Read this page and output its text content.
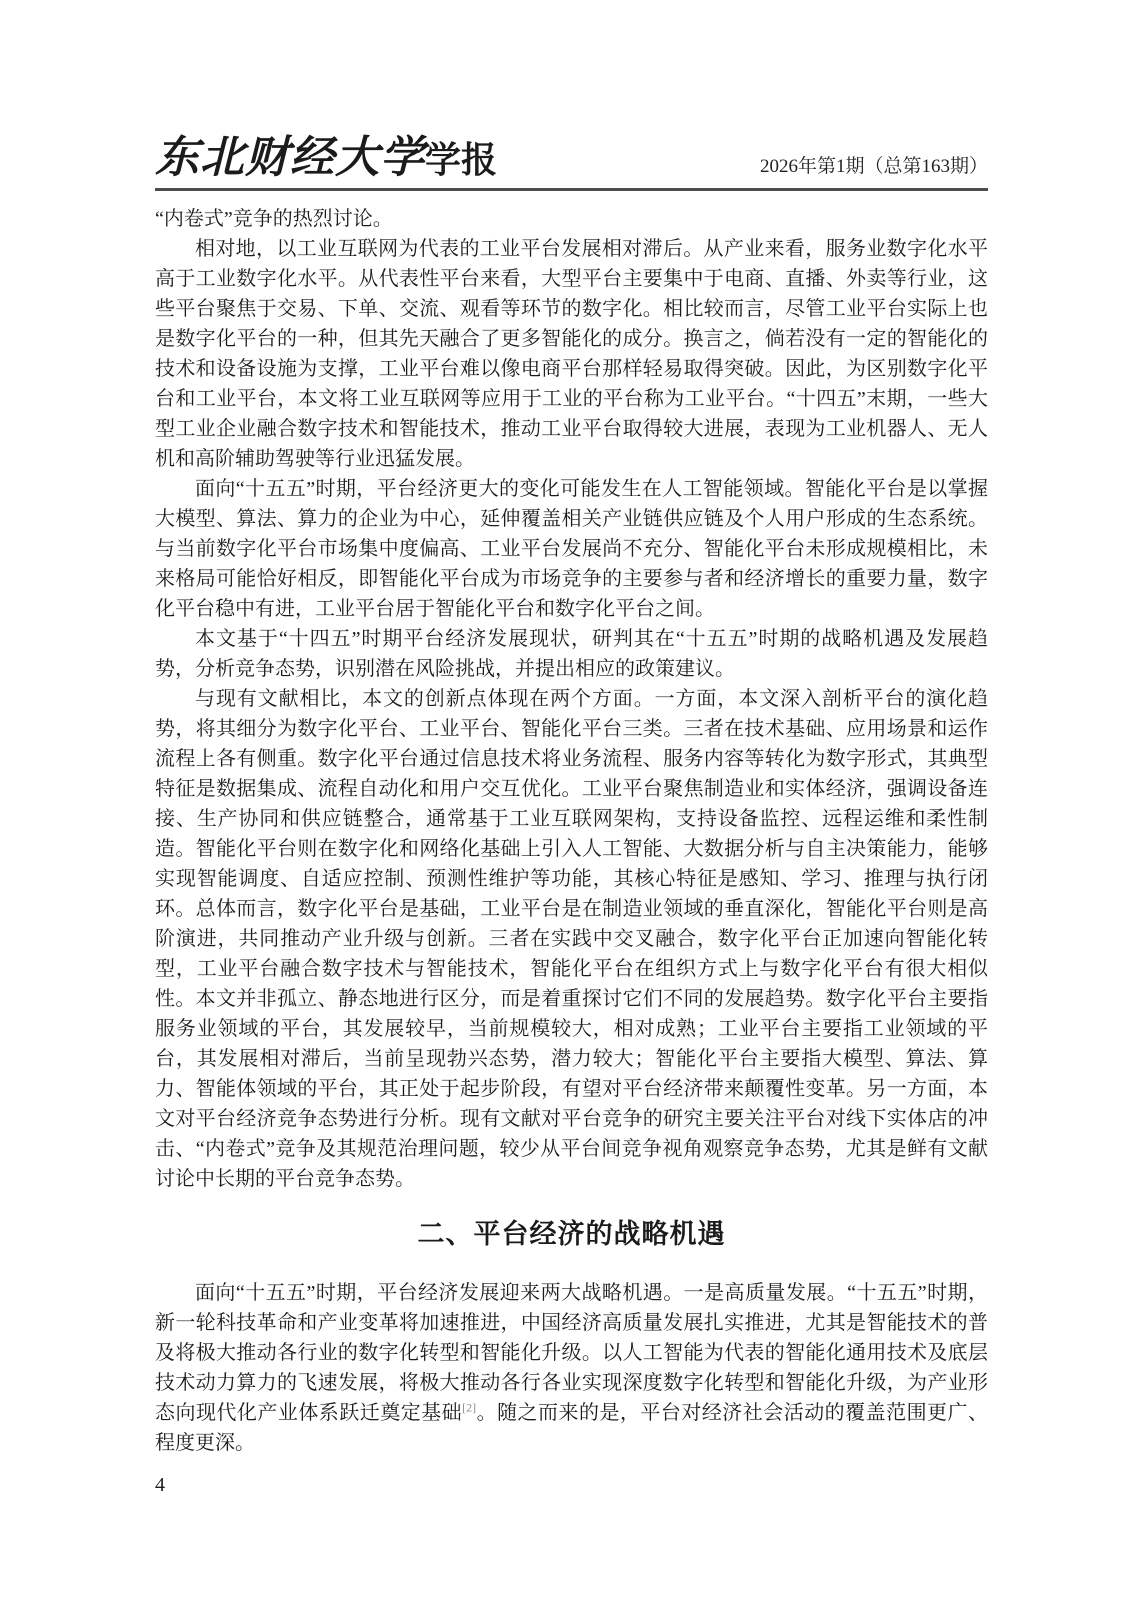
东北财经大学学报	2026年第1期（总第163期）

“内卷式”竞争的热烈讨论。

相对地，以工业互联网为代表的工业平台发展相对滞后。从产业来看，服务业数字化水平高于工业数字化水平。从代表性平台来看，大型平台主要集中于电商、直播、外卖等行业，这些平台聚焦于交易、下单、交流、观看等环节的数字化。相比较而言，尽管工业平台实际上也是数字化平台的一种，但其先天融合了更多智能化的成分。换言之，倘若没有一定的智能化的技术和设备设施为支撑，工业平台难以像电商平台那样轻易取得突破。因此，为区别数字化平台和工业平台，本文将工业互联网等应用于工业的平台称为工业平台。“十四五”末期，一些大型工业企业融合数字技术和智能技术，推动工业平台取得较大进展，表现为工业机器人、无人机和高阶辅助驾驶等行业迅猛发展。

面向“十五五”时期，平台经济更大的变化可能发生在人工智能领域。智能化平台是以掌握大模型、算法、算力的企业为中心，延伸覆盖相关产业链供应链及个人用户形成的生态系统。与当前数字化平台市场集中度偏高、工业平台发展尚不充分、智能化平台未形成规模相比，未来格局可能恰好相反，即智能化平台成为市场竞争的主要参与者和经济增长的重要力量，数字化平台稳中有进，工业平台居于智能化平台和数字化平台之间。

本文基于“十四五”时期平台经济发展现状，研判其在“十五五”时期的战略机遇及发展趋势，分析竞争态势，识别潜在风险挑战，并提出相应的政策建议。

与现有文献相比，本文的创新点体现在两个方面。一方面，本文深入剖析平台的演化趋势，将其细分为数字化平台、工业平台、智能化平台三类。三者在技术基础、应用场景和运作流程上各有侧重。数字化平台通过信息技术将业务流程、服务内容等转化为数字形式，其典型特征是数据集成、流程自动化和用户交互优化。工业平台聚焦制造业和实体经济，强调设备连接、生产协同和供应链整合，通常基于工业互联网架构，支持设备监控、远程运维和柔性制造。智能化平台则在数字化和网络化基础上引入人工智能、大数据分析与自主决策能力，能够实现智能调度、自适应控制、预测性维护等功能，其核心特征是感知、学习、推理与执行闭环。总体而言，数字化平台是基础，工业平台是在制造业领域的垂直深化，智能化平台则是高阶演进，共同推动产业升级与创新。三者在实践中交叉融合，数字化平台正加速向智能化转型，工业平台融合数字技术与智能技术，智能化平台在组织方式上与数字化平台有很大相似性。本文并非孤立、静态地进行区分，而是着重探讨它们不同的发展趋势。数字化平台主要指服务业领域的平台，其发展较早，当前规模较大，相对成熟；工业平台主要指工业领域的平台，其发展相对滞后，当前呈现勃兴态势，潜力较大；智能化平台主要指大模型、算法、算力、智能体领域的平台，其正处于起步阶段，有望对平台经济带来颠覆性变革。另一方面，本文对平台经济竞争态势进行分析。现有文献对平台竞争的研究主要关注平台对线下实体店的冲击、“内卷式”竞争及其规范治理问题，较少从平台间竞争视角观察竞争态势，尤其是鲜有文献讨论中长期的平台竞争态势。

二、平台经济的战略机遇

面向“十五五”时期，平台经济发展迎来两大战略机遇。一是高质量发展。“十五五”时期，新一轮科技革命和产业变革将加速推进，中国经济高质量发展扎实推进，尤其是智能技术的普及将极大推动各行业的数字化转型和智能化升级。以人工智能为代表的智能化通用技术及底层技术动力算力的飞速发展，将极大推动各行各业实现深度数字化转型和智能化升级，为产业形态向现代化产业体系跃迁奠定基础[2]。随之而来的是，平台对经济社会活动的覆盖范围更广、程度更深。

4
